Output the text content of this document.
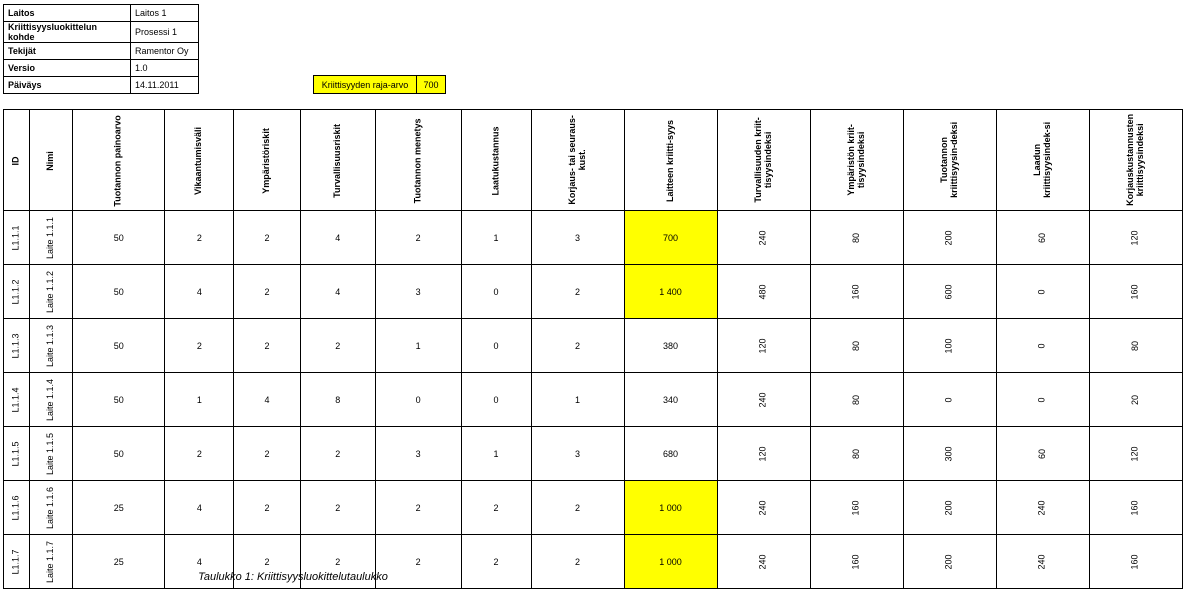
Laitos	Laitos 1
Kriittisyysluokittelun kohde	Prosessi 1
Tekijät	Ramentor Oy
Versio	1.0
Päiväys	14.11.2011	Kriittisyyden raja-arvo	700
ID	Nimi	Tuotannon painoarvo	Vikaantumisväli	Ympäristöriskit	Turvallisuusriskit	Tuotannon menetys	Laatukustannus	Korjaus- tai seuraus-kust.	Laitteen kriitti-syys	Turvallisuuden kriit-tisyysindeksi	Ympäristön kriit-tisyysindeksi	Tuotannon kriittisyysin-deksi	Laadun kriittisyysindek-si	Korjauskustannusten kriittisyysindeksi
L1.1.1	Laite 1.1.1	50	2	2	4	2	1	3	700	240	80	200	60	120
L1.1.2	Laite 1.1.2	50	4	2	4	3	0	2	1 400	480	160	600	0	160
L1.1.3	Laite 1.1.3	50	2	2	2	1	0	2	380	120	80	100	0	80
L1.1.4	Laite 1.1.4	50	1	4	8	0	0	1	340	240	80	0	0	20
L1.1.5	Laite 1.1.5	50	2	2	2	3	1	3	680	120	80	300	60	120
L1.1.6	Laite 1.1.6	25	4	2	2	2	2	2	1 000	240	160	200	240	160
L1.1.7	Laite 1.1.7	25	4	2	2	2	2	2	1 000	240	160	200	240	160
Taulukko 1: Kriittisyysluokittelutaulukko
